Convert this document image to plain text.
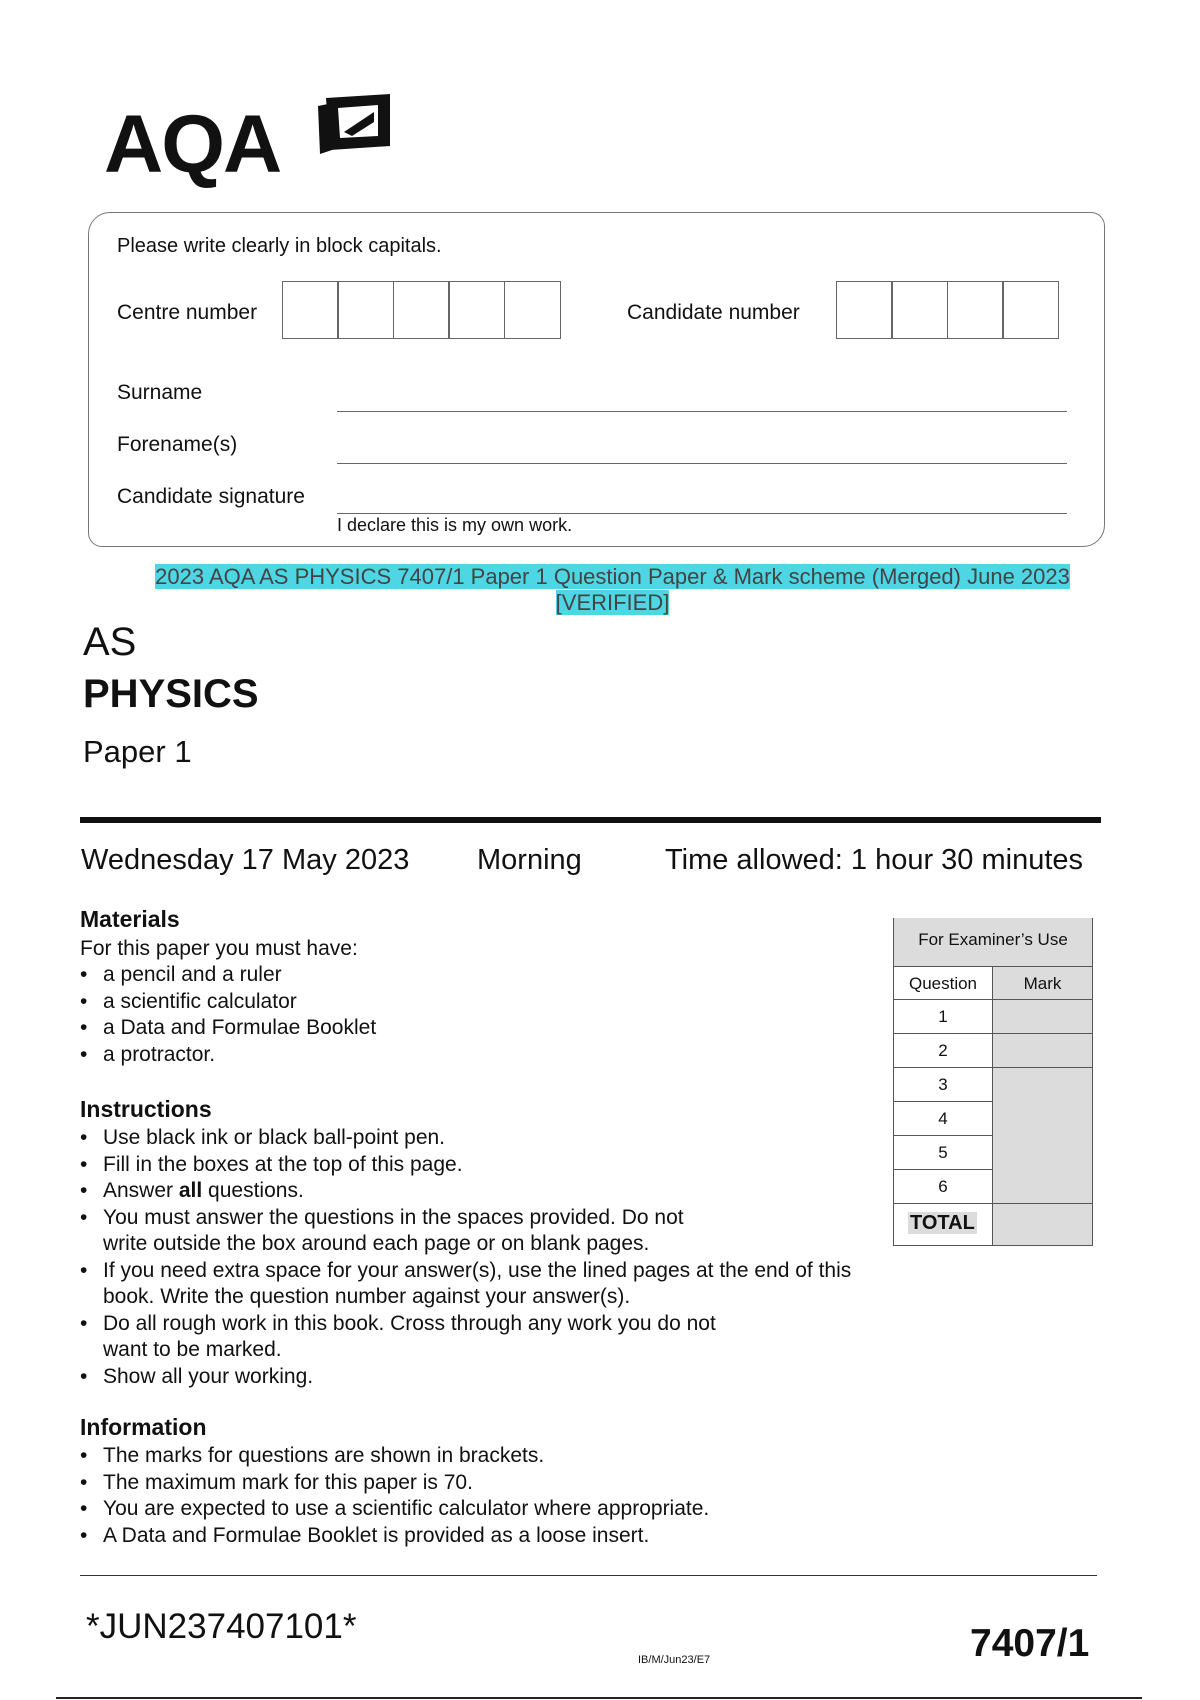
AQA
Please write clearly in block capitals.
Centre number	Candidate number
Surname
Forename(s)
Candidate signature
I declare this is my own work.
2023 AQA AS PHYSICS 7407/1 Paper 1 Question Paper & Mark scheme (Merged) June 2023 [VERIFIED]
AS
PHYSICS
Paper 1
Wednesday 17 May 2023 Morning	Time allowed: 1 hour 30 minutes
Materials
For this paper you must have:
• a pencil and a ruler
• a scientific calculator
• a Data and Formulae Booklet
• a protractor.
Instructions
• Use black ink or black ball-point pen.
• Fill in the boxes at the top of this page.
• Answer all questions.
• You must answer the questions in the spaces provided. Do not write outside the box around each page or on blank pages.
• If you need extra space for your answer(s), use the lined pages at the end of this book. Write the question number against your answer(s).
• Do all rough work in this book. Cross through any work you do not want to be marked.
• Show all your working.
Information
• The marks for questions are shown in brackets.
• The maximum mark for this paper is 70.
• You are expected to use a scientific calculator where appropriate.
• A Data and Formulae Booklet is provided as a loose insert.
For Examiner’s Use
Question	Mark
1
2
3
4
5
6
TOTAL
*JUN237407101*
IB/M/Jun23/E7	7407/1
